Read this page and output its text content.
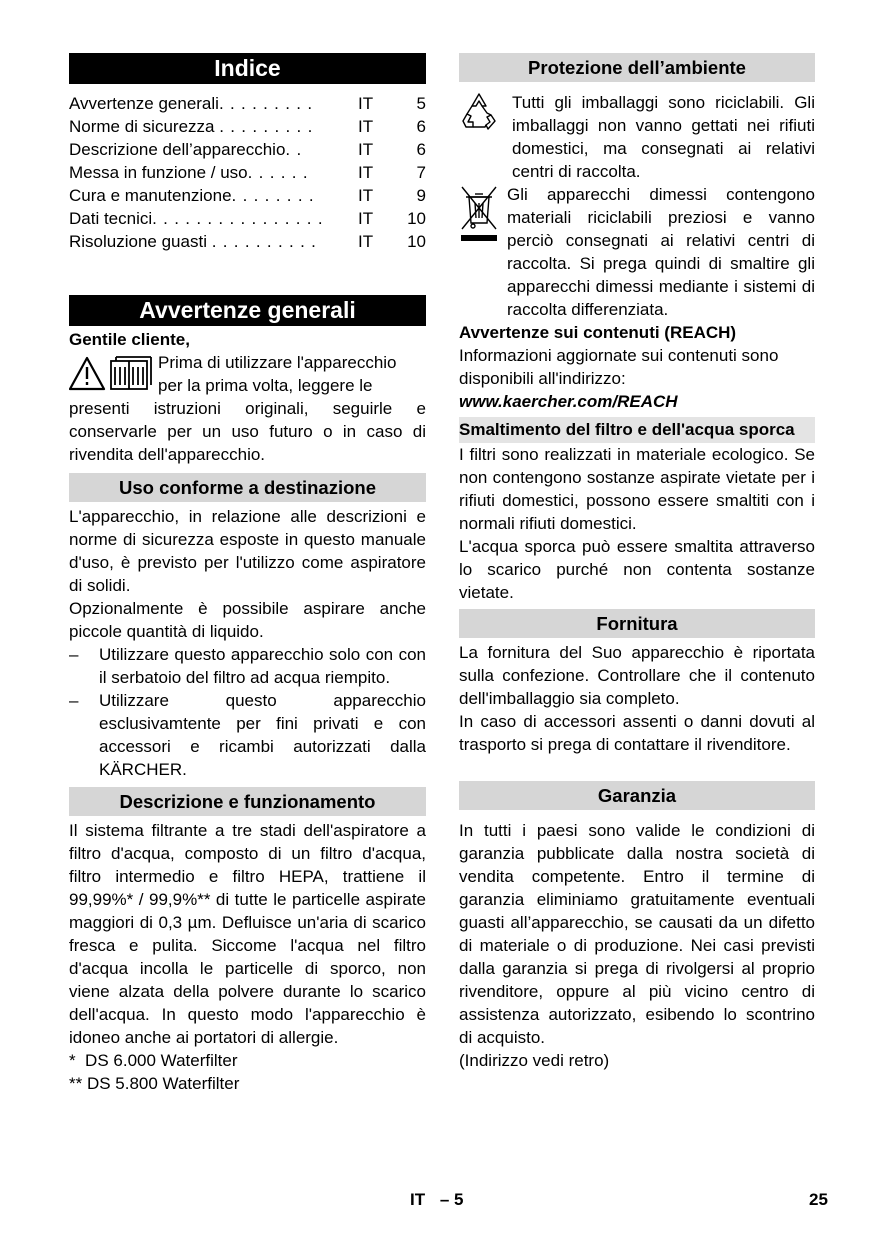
Indice
Avvertenze generali . . . . . . . . .	IT	5
Norme di sicurezza . . . . . . . . .	IT	6
Descrizione dell’apparecchio . .	IT	6
Messa in funzione / uso . . . . . .	IT	7
Cura e manutenzione . . . . . . . .	IT	9
Dati tecnici . . . . . . . . . . . . . . . .	IT	10
Risoluzione guasti . . . . . . . . . .	IT	10
Avvertenze generali

Gentile cliente,

Prima di utilizzare l'apparecchio

per la prima volta, leggere le

presenti istruzioni originali, seguirle e conservarle per un uso futuro o in caso di rivendita dell'apparecchio.

Uso conforme a destinazione

L'apparecchio, in relazione alle descrizioni e norme di sicurezza esposte in questo manuale d'uso, è previsto per l'utilizzo come aspiratore di solidi.

Opzionalmente è possibile aspirare anche piccole quantità di liquido.

–	Utilizzare questo apparecchio solo con con il serbatoio del filtro ad acqua riempito.
–	Utilizzare questo apparecchio esclusivamtente per fini privati e con accessori e ricambi autorizzati dalla KÄRCHER.
Descrizione e funzionamento

Il sistema filtrante a tre stadi dell'aspiratore a filtro d'acqua, composto di un filtro d'acqua, filtro intermedio e filtro HEPA, trattiene il 99,99%* / 99,9%** di tutte le particelle aspirate maggiori di 0,3 µm. Defluisce un'aria di scarico fresca e pulita. Siccome l'acqua nel filtro d'acqua incolla le particelle di sporco, non viene alzata della polvere durante lo scarico dell'acqua. In questo modo l'apparecchio è idoneo anche ai portatori di allergie.

*  DS 6.000 Waterfilter

** DS 5.800 Waterfilter

Protezione dell’ambiente

Tutti gli imballaggi sono riciclabili. Gli imballaggi non vanno gettati nei rifiuti domestici, ma consegnati ai relativi centri di raccolta.

Gli apparecchi dimessi contengono materiali riciclabili preziosi e vanno perciò consegnati ai relativi centri di raccolta. Si prega quindi di smaltire gli apparecchi dimessi mediante i sistemi di raccolta differenziata.

Avvertenze sui contenuti (REACH)

Informazioni aggiornate sui contenuti sono disponibili all'indirizzo:

www.kaercher.com/REACH

Smaltimento del filtro e dell'acqua sporca

I filtri sono realizzati in materiale ecologico. Se non contengono sostanze aspirate vietate per i rifiuti domestici, possono essere smaltiti con i normali rifiuti domestici.

L'acqua sporca può essere smaltita attraverso lo scarico purché non contenta sostanze vietate.

Fornitura

La fornitura del Suo apparecchio è riportata sulla confezione. Controllare che il contenuto dell'imballaggio sia completo.

In caso di accessori assenti o danni dovuti al trasporto si prega di contattare il rivenditore.

Garanzia

In tutti i paesi sono valide le condizioni di garanzia pubblicate dalla nostra società di vendita competente. Entro il termine di garanzia eliminiamo gratuitamente eventuali guasti all’apparecchio, se causati da un difetto di materiale o di produzione. Nei casi previsti dalla garanzia si prega di rivolgersi al proprio rivenditore, oppure al più vicino centro di assistenza autorizzato, esibendo lo scontrino di acquisto.

(Indirizzo vedi retro)

IT – 5	25
